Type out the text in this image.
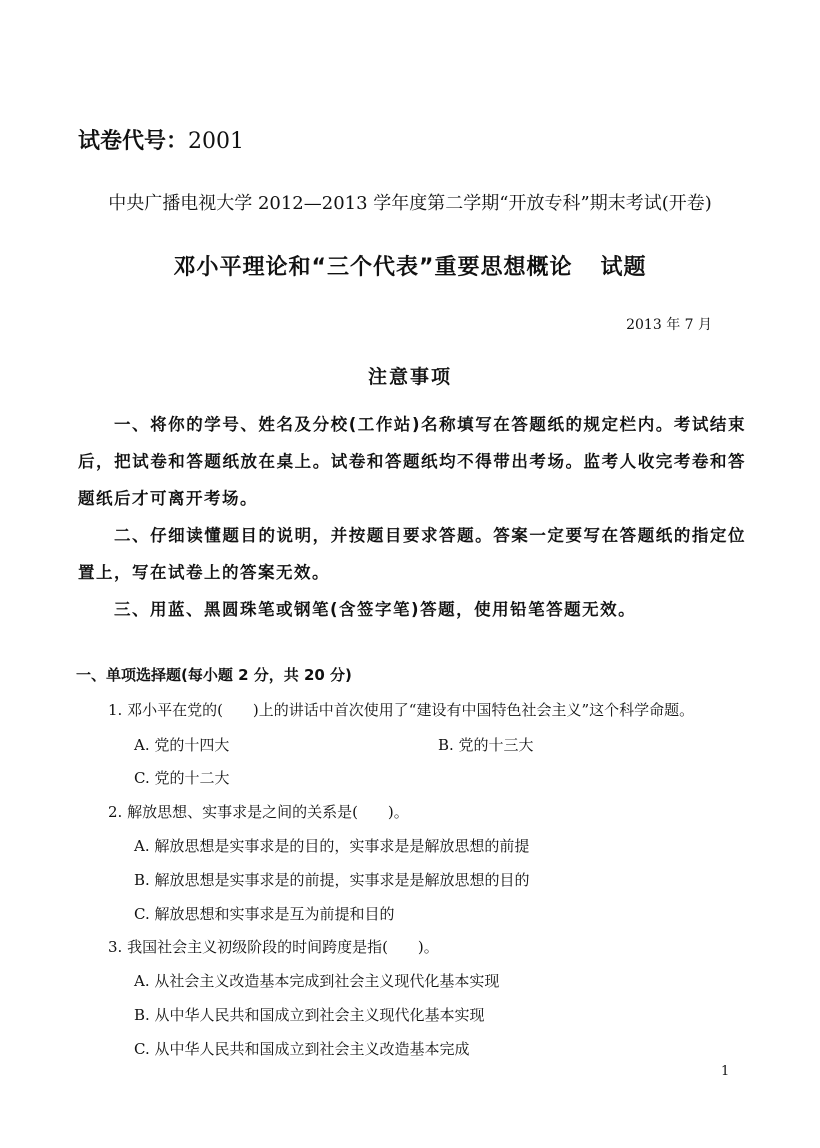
试卷代号：2001
中央广播电视大学 2012—2013 学年度第二学期“开放专科”期末考试(开卷)
邓小平理论和“三个代表”重要思想概论 试题
2013 年 7 月
注意事项
一、将你的学号、姓名及分校(工作站)名称填写在答题纸的规定栏内。考试结束后，把试卷和答题纸放在桌上。试卷和答题纸均不得带出考场。监考人收完考卷和答题纸后才可离开考场。
二、仔细读懂题目的说明，并按题目要求答题。答案一定要写在答题纸的指定位置上，写在试卷上的答案无效。
三、用蓝、黑圆珠笔或钢笔(含签字笔)答题，使用铅笔答题无效。
一、单项选择题(每小题 2 分，共 20 分)
1. 邓小平在党的(　　)上的讲话中首次使用了“建设有中国特色社会主义”这个科学命题。
A. 党的十四大	B. 党的十三大
C. 党的十二大
2. 解放思想、实事求是之间的关系是(　　)。
A. 解放思想是实事求是的目的，实事求是是解放思想的前提
B. 解放思想是实事求是的前提，实事求是是解放思想的目的
C. 解放思想和实事求是互为前提和目的
3. 我国社会主义初级阶段的时间跨度是指(　　)。
A. 从社会主义改造基本完成到社会主义现代化基本实现
B. 从中华人民共和国成立到社会主义现代化基本实现
C. 从中华人民共和国成立到社会主义改造基本完成
1
